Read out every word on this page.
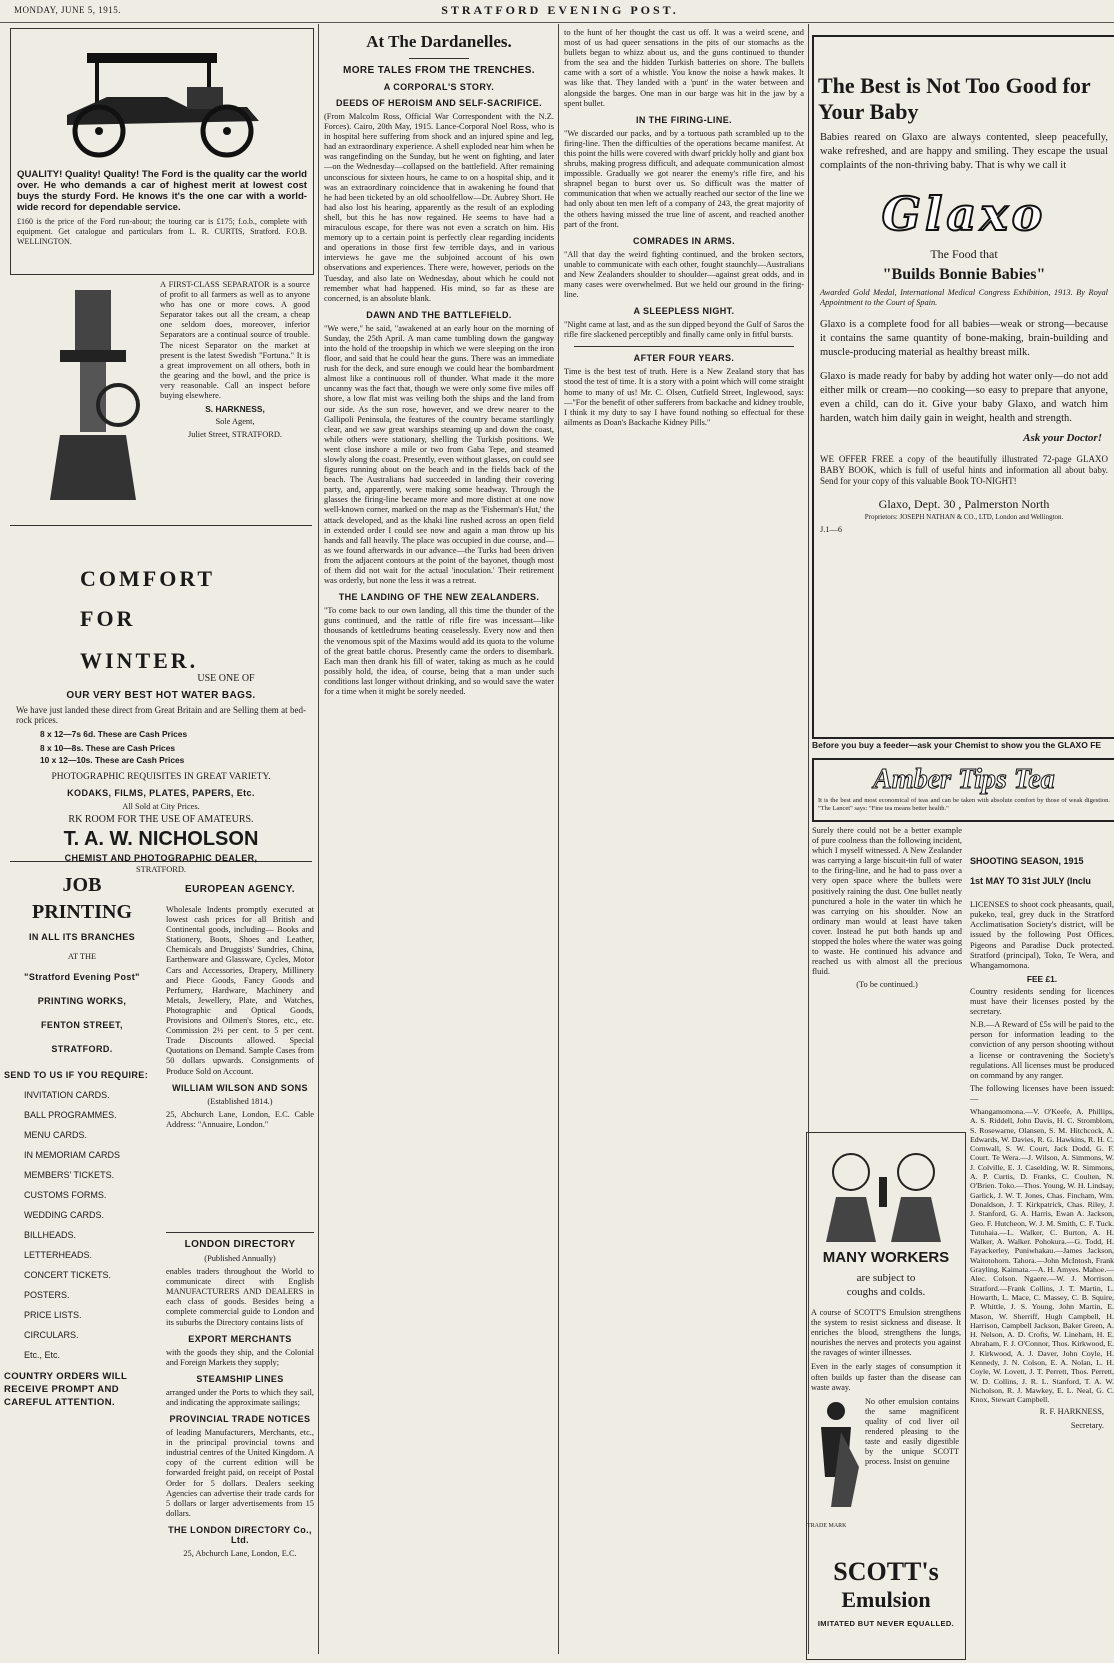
MONDAY, JUNE 5, 1915.	STRATFORD EVENING POST.

QUALITY! Quality! Quality! The Ford is the quality car the world over. He who demands a car of highest merit at lowest cost buys the sturdy Ford. He knows it's the one car with a world-wide record for dependable service.

£160 is the price of the Ford run-about; the touring car is £175; f.o.b., complete with equipment. Get catalogue and particulars from L. R. CURTIS, Stratford. F.O.B. WELLINGTON.

A FIRST-CLASS SEPARATOR is a source of profit to all farmers as well as to anyone who has one or more cows. A good Separator takes out all the cream, a cheap one seldom does, moreover, inferior Separators are a continual source of trouble. The nicest Separator on the market at present is the latest Swedish "Fortuna." It is a great improvement on all others, both in the gearing and the bowl, and the price is very reasonable. Call an inspect before buying elsewhere.

S. HARKNESS,

Sole Agent,

Juliet Street, STRATFORD.

COMFORT
FOR
WINTER.
USE ONE OF
OUR VERY BEST HOT WATER BAGS.

We have just landed these direct from Great Britain and are Selling them at bed-rock prices.

8 x 12—7s 6d. These are Cash Prices
8 x 10—8s. These are Cash Prices
10 x 12—10s. These are Cash Prices
PHOTOGRAPHIC REQUISITES IN GREAT VARIETY.
KODAKS, FILMS, PLATES, PAPERS, Etc.
All Sold at City Prices.
RK ROOM FOR THE USE OF AMATEURS.
T. A. W. NICHOLSON
CHEMIST AND PHOTOGRAPHIC DEALER,
STRATFORD.
JOB
PRINTING
IN ALL ITS BRANCHES
AT THE
"Stratford Evening Post"
PRINTING WORKS,
FENTON STREET,
STRATFORD.
SEND TO US IF YOU REQUIRE:
INVITATION CARDS.
BALL PROGRAMMES.
MENU CARDS.
IN MEMORIAM CARDS
MEMBERS' TICKETS.
CUSTOMS FORMS.
WEDDING CARDS.
BILLHEADS.
LETTERHEADS.
CONCERT TICKETS.
POSTERS.
PRICE LISTS.
CIRCULARS.
Etc., Etc.
COUNTRY ORDERS WILL RECEIVE PROMPT AND CAREFUL ATTENTION.
EUROPEAN AGENCY.

Wholesale Indents promptly executed at lowest cash prices for all British and Continental goods, including— Books and Stationery, Boots, Shoes and Leather, Chemicals and Druggists' Sundries, China, Earthenware and Glassware, Cycles, Motor Cars and Accessories, Drapery, Millinery and Piece Goods, Fancy Goods and Perfumery, Hardware, Machinery and Metals, Jewellery, Plate, and Watches, Photographic and Optical Goods, Provisions and Oilmen's Stores, etc., etc. Commission 2½ per cent. to 5 per cent. Trade Discounts allowed. Special Quotations on Demand. Sample Cases from 50 dollars upwards. Consignments of Produce Sold on Account.

WILLIAM WILSON AND SONS
(Established 1814.)

25, Abchurch Lane, London, E.C. Cable Address: "Annuaire, London."

LONDON DIRECTORY
(Published Annually)

enables traders throughout the World to communicate direct with English MANUFACTURERS AND DEALERS in each class of goods. Besides being a complete commercial guide to London and its suburbs the Directory contains lists of

EXPORT MERCHANTS

with the goods they ship, and the Colonial and Foreign Markets they supply;

STEAMSHIP LINES

arranged under the Ports to which they sail, and indicating the approximate sailings;

PROVINCIAL TRADE NOTICES

of leading Manufacturers, Merchants, etc., in the principal provincial towns and industrial centres of the United Kingdom. A copy of the current edition will be forwarded freight paid, on receipt of Postal Order for 5 dollars. Dealers seeking Agencies can advertise their trade cards for 5 dollars or larger advertisements from 15 dollars.

THE LONDON DIRECTORY Co., Ltd.
25, Abchurch Lane, London, E.C.
At The Dardanelles.
MORE TALES FROM THE TRENCHES.
A CORPORAL'S STORY.
DEEDS OF HEROISM AND SELF-SACRIFICE.

(From Malcolm Ross, Official War Correspondent with the N.Z. Forces). Cairo, 20th May, 1915. Lance-Corporal Noel Ross, who is in hospital here suffering from shock and an injured spine and leg, had an extraordinary experience. A shell exploded near him when he was rangefinding on the Sunday, but he went on fighting, and later—on the Wednesday—collapsed on the battlefield. After remaining unconscious for sixteen hours, he came to on a hospital ship, and it was an extraordinary coincidence that in awakening he found that he had been ticketed by an old schoolfellow—Dr. Aubrey Short. He had also lost his hearing, apparently as the result of an exploding shell, but this he has now regained. He seems to have had a miraculous escape, for there was not even a scratch on him. His memory up to a certain point is perfectly clear regarding incidents and operations in those first few terrible days, and in various interviews he gave me the subjoined account of his own observations and experiences. There were, however, periods on the Tuesday, and also late on Wednesday, about which he could not remember what had happened. His mind, so far as these are concerned, is an absolute blank.

DAWN AND THE BATTLEFIELD.

"We were," he said, "awakened at an early hour on the morning of Sunday, the 25th April. A man came tumbling down the gangway into the hold of the troopship in which we were sleeping on the iron floor, and said that he could hear the guns. There was an immediate rush for the deck, and sure enough we could hear the bombardment almost like a continuous roll of thunder. What made it the more uncanny was the fact that, though we were only some five miles off shore, a low flat mist was veiling both the ships and the land from our side. As the sun rose, however, and we drew nearer to the Gallipoli Peninsula, the features of the country became startlingly clear, and we saw great warships steaming up and down the coast, while others were stationary, shelling the Turkish positions. We went close inshore a mile or two from Gaba Tepe, and steamed slowly along the coast. Presently, even without glasses, on could see figures running about on the beach and in the fields back of the beach. The Australians had succeeded in landing their covering party, and, apparently, were making some headway. Through the glasses the firing-line became more and more distinct at one now well-known corner, marked on the map as the 'Fisherman's Hut,' the attack developed, and as the khaki line rushed across an open field in extended order I could see now and again a man throw up his hands and fall heavily. The place was occupied in due course, and—as we found afterwards in our advance—the Turks had been driven from the adjacent contours at the point of the bayonet, though most of them did not wait for the actual 'inoculation.' Their retirement was orderly, but none the less it was a retreat.

THE LANDING OF THE NEW ZEALANDERS.

"To come back to our own landing, all this time the thunder of the guns continued, and the rattle of rifle fire was incessant—like thousands of kettledrums beating ceaselessly. Every now and then the venomous spit of the Maxims would add its quota to the volume of the great battle chorus. Presently came the orders to disembark. Each man then drank his fill of water, taking as much as he could possibly hold, the idea, of course, being that a man under such conditions last longer without drinking, and so would save the water for a time when it might be sorely needed.

to the hunt of her thought the cast us off. It was a weird scene, and most of us had queer sensations in the pits of our stomachs as the bullets began to whizz about us, and the guns continued to thunder from the sea and the hidden Turkish batteries on shore. The bullets came with a sort of a whistle. You know the noise a hawk makes. It was like that. They landed with a 'punt' in the water between and alongside the barges. One man in our barge was hit in the jaw by a spent bullet.

IN THE FIRING-LINE.

"We discarded our packs, and by a tortuous path scrambled up to the firing-line. Then the difficulties of the operations became manifest. At this point the hills were covered with dwarf prickly holly and giant box shrubs, making progress difficult, and adequate communication almost impossible. Gradually we got nearer the enemy's rifle fire, and his shrapnel began to burst over us. So difficult was the matter of communication that when we actually reached our sector of the line we had only about ten men left of a company of 243, the great majority of the others having missed the true line of ascent, and reached another part of the front.

COMRADES IN ARMS.

"All that day the weird fighting continued, and the broken sectors, unable to communicate with each other, fought staunchly—Australians and New Zealanders shoulder to shoulder—against great odds, and in many cases were overwhelmed. But we held our ground in the firing-line.

A SLEEPLESS NIGHT.

"Night came at last, and as the sun dipped beyond the Gulf of Saros the rifle fire slackened perceptibly and finally came only in fitful bursts.

AFTER FOUR YEARS.

Time is the best test of truth. Here is a New Zealand story that has stood the test of time. It is a story with a point which will come straight home to many of us! Mr. C. Olsen, Cutfield Street, Inglewood, says:—"For the benefit of other sufferers from backache and kidney trouble, I think it my duty to say I have found nothing so effectual for these ailments as Doan's Backache Kidney Pills."

The Best is Not Too Good for Your Baby

Babies reared on Glaxo are always contented, sleep peacefully, wake refreshed, and are happy and smiling. They escape the usual complaints of the non-thriving baby. That is why we call it

Glaxo
The Food that
"Builds Bonnie Babies"

Awarded Gold Medal, International Medical Congress Exhibition, 1913. By Royal Appointment to the Court of Spain.

Glaxo is a complete food for all babies—weak or strong—because it contains the same quantity of bone-making, brain-building and muscle-producing material as healthy breast milk.

Glaxo is made ready for baby by adding hot water only—do not add either milk or cream—no cooking—so easy to prepare that anyone, even a child, can do it. Give your baby Glaxo, and watch him harden, watch him daily gain in weight, health and strength.

Ask your Doctor!

WE OFFER FREE a copy of the beautifully illustrated 72-page GLAXO BABY BOOK, which is full of useful hints and information all about baby. Send for your copy of this valuable Book TO-NIGHT!

Glaxo, Dept. 30 , Palmerston North
Proprietors: JOSEPH NATHAN & CO., LTD, London and Wellington.
J.1—6
Before you buy a feeder—ask your Chemist to show you the GLAXO FE
Amber Tips Tea

It is the best and most economical of teas and can be taken with absolute comfort by those of weak digestion. "The Lancet" says: "Fine tea means better health."

Surely there could not be a better example of pure coolness than the following incident, which I myself witnessed. A New Zealander was carrying a large biscuit-tin full of water to the firing-line, and he had to pass over a very open space where the bullets were positively raining the dust. One bullet neatly punctured a hole in the water tin which he was carrying on his shoulder. Now an ordinary man would at least have taken cover. Instead he put both hands up and stopped the holes where the water was going to waste. He continued his advance and reached us with almost all the precious fluid.

(To be continued.)
MANY WORKERS
are subject to
coughs and colds.

A course of SCOTT'S Emulsion strengthens the system to resist sickness and disease. It enriches the blood, strengthens the lungs, nourishes the nerves and protects you against the ravages of winter illnesses.

Even in the early stages of consumption it often builds up faster than the disease can waste away.

TRADE MARK

No other emulsion contains the same magnificent quality of cod liver oil rendered pleasing to the taste and easily digestible by the unique SCOTT process. Insist on genuine

SCOTT's
Emulsion
IMITATED BUT NEVER EQUALLED.
SHOOTING SEASON, 1915
1st MAY TO 31st JULY (Inclu

LICENSES to shoot cock pheasants, quail, pukeko, teal, grey duck in the Stratford Acclimatisation Society's district, will be issued by the following Post Offices. Pigeons and Paradise Duck protected. Stratford (principal), Toko, Te Wera, and Whangamomona.

FEE £1.

Country residents sending for licences must have their licenses posted by the secretary.

N.B.—A Reward of £5s will be paid to the person for information leading to the conviction of any person shooting without a license or contravening the Society's regulations. All licenses must be produced on command by any ranger.

The following licenses have been issued:—

Whangamomona.—V. O'Keefe, A. Phillips, A. S. Riddell, John Davis, H. C. Stromblom, S. Rosewarne, Olansen, S. M. Hitchcock, A. Edwards, W. Davies, R. G. Hawkins, R. H. C. Cornwall, S. W. Court, Jack Dodd, G. F. Court. Te Wera.—J. Wilson, A. Simmons, W. J. Colville, E. J. Caselding, W. R. Simmons, A. P. Curtis, D. Franks, C. Coulten, N. O'Brien. Toko.—Thos. Young, W. H. Lindsay, Garlick, J. W. T. Jones, Chas. Fincham, Wm. Donaldson, J. T. Kirkpatrick, Chas. Riley, J. J. Stanford, G. A. Harris, Ewan A. Jackson, Geo. F. Hutcheon, W. J. M. Smith, C. F. Tuck. Tutuhaia.—L. Walker, C. Burton, A. H. Walker, A. Walker. Pohokura.—G. Todd, H. Fayackerley, Puniwhakau.—James Jackson, Waitotohorn. Tahora.—John McIntosh, Frank Grayling. Kaimata.—A. H. Amyes. Mahoe.—Alec. Colson. Ngaere.—W. J. Morrison. Stratford.—Frank Collins, J. T. Martin, L. Howarth, L. Mace, C. Massey, C. B. Squire, P. Whittle, J. S. Young, John Martin, E. Mason, W. Sherriff, Hugh Campbell, H. Harrison, Campbell Jackson, Baker Green, A. H. Nelson, A. D. Crofts, W. Lineham, H. E. Abraham, F. J. O'Connor, Thos. Kirkwood, E. J. Kirkwood, A. J. Daver, John Coyle, H. Kennedy, J. N. Colson, E. A. Nolan, L. H. Coyle, W. Lovett, J. T. Perrett, Thos. Perrett, W. D. Collins, J. R. L. Stanford, T. A. W. Nicholson, R. J. Mawkey, E. L. Neal, G. C. Knox, Stewart Campbell.

R. F. HARKNESS,
Secretary.
